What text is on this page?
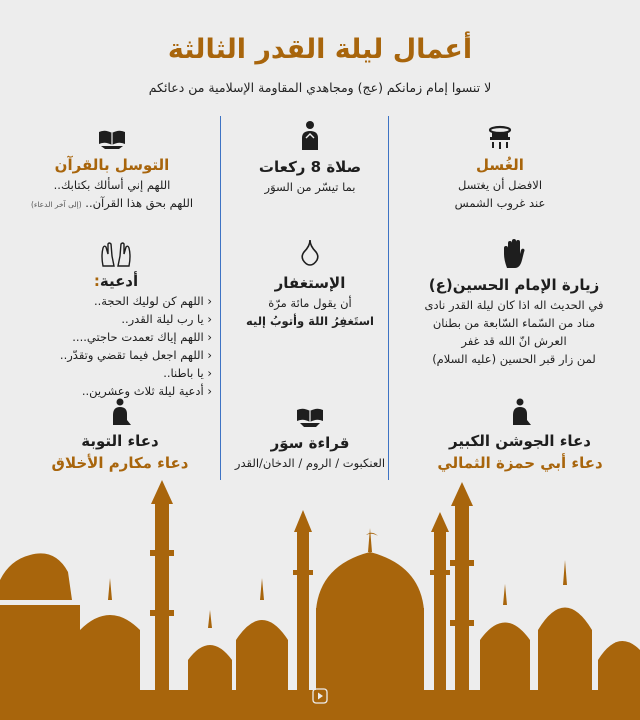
أعمال ليلة القدر الثالثة
لا تنسوا إمام زمانكم (عج) ومجاهدي المقاومة الإسلامية من دعائكم
الغُسل
الافضل أن يغتسل
عند غروب الشمس
صلاة 8 ركعات
بما تيسّر من السوَر
التوسل بالقرآن
اللهم إني أسألك بكتابك..
اللهم بحق هذا القرآن.. (إلى آخر الدعاء)
زيارة الإمام الحسين(ع)
في الحديث اله اذا كان ليلة القدر نادى
مناد من السّماء السّابعة من بطنان
العرش انّ الله قد غفر
لمن زار قبر الحسين (عليه السلام)
الإستغفار
أن يقول مائة مرّة
استَغفِرُ اللهَ وأتوبُ إليه
أدعية:
‹ اللهم كن لوليك الحجة..
‹ يا رب ليلة القدر..
‹ اللهم إياك تعمدت حاجتي....
‹ اللهم اجعل فيما تقضي وتقدّر..
‹ يا باطنا..
‹ أدعية ليلة ثلاث وعشرين..
دعاء الجوشن الكبير
دعاء أبي حمزة الثمالي
قراءة سوَر
العنكبوت / الروم / الدخان/القدر
دعاء التوبة
دعاء مكارم الأخلاق
